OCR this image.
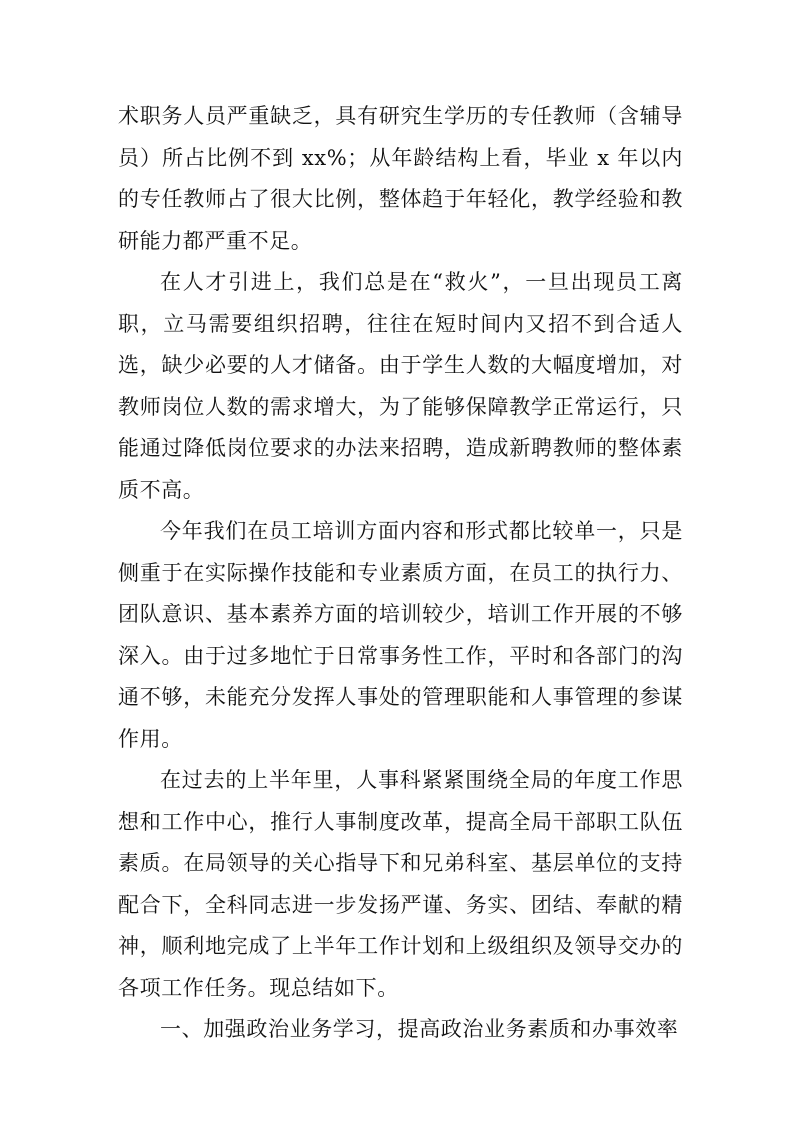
术职务人员严重缺乏，具有研究生学历的专任教师（含辅导员）所占比例不到 xx%；从年龄结构上看，毕业 x 年以内的专任教师占了很大比例，整体趋于年轻化，教学经验和教研能力都严重不足。

在人才引进上，我们总是在“救火”，一旦出现员工离职，立马需要组织招聘，往往在短时间内又招不到合适人选，缺少必要的人才储备。由于学生人数的大幅度增加，对教师岗位人数的需求增大，为了能够保障教学正常运行，只能通过降低岗位要求的办法来招聘，造成新聘教师的整体素质不高。

今年我们在员工培训方面内容和形式都比较单一，只是侧重于在实际操作技能和专业素质方面，在员工的执行力、团队意识、基本素养方面的培训较少，培训工作开展的不够深入。由于过多地忙于日常事务性工作，平时和各部门的沟通不够，未能充分发挥人事处的管理职能和人事管理的参谋作用。

在过去的上半年里，人事科紧紧围绕全局的年度工作思想和工作中心，推行人事制度改革，提高全局干部职工队伍素质。在局领导的关心指导下和兄弟科室、基层单位的支持配合下，全科同志进一步发扬严谨、务实、团结、奉献的精神，顺利地完成了上半年工作计划和上级组织及领导交办的各项工作任务。现总结如下。

一、加强政治业务学习，提高政治业务素质和办事效率
